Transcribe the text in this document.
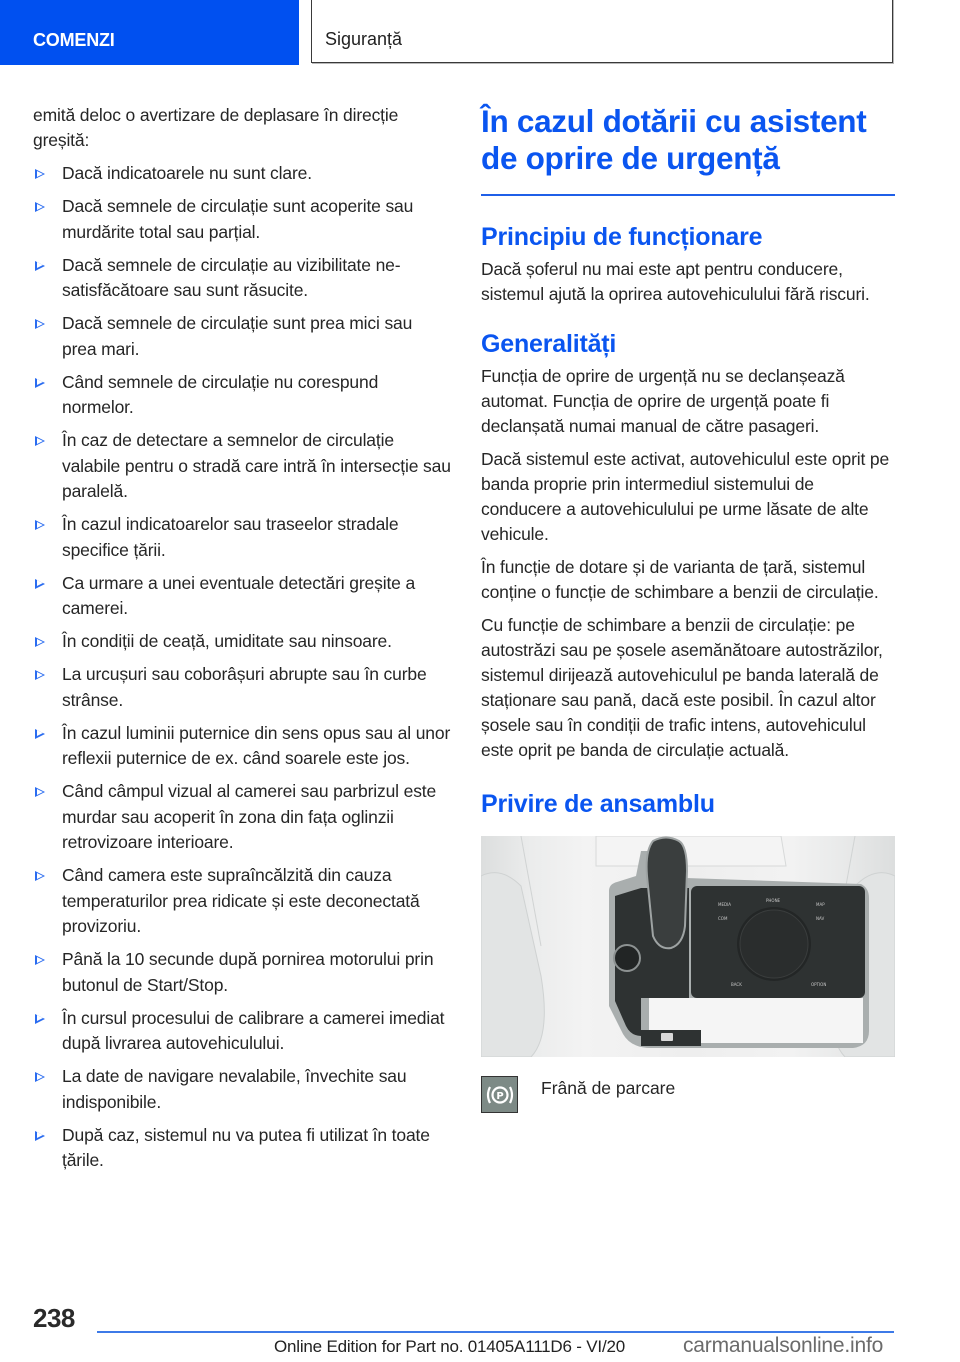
COMENZI	Siguranță

emită deloc o avertizare de deplasare în direcție greșită:

Dacă indicatoarele nu sunt clare.
Dacă semnele de circulație sunt acoperite sau murdărite total sau parțial.
Dacă semnele de circulație au vizibilitate nesatisfăcătoare sau sunt răsucite.
Dacă semnele de circulație sunt prea mici sau prea mari.
Când semnele de circulație nu corespund normelor.
În caz de detectare a semnelor de circulație valabile pentru o stradă care intră în intersecție sau paralelă.
În cazul indicatoarelor sau traseelor stradale specifice țării.
Ca urmare a unei eventuale detectări greșite a camerei.
În condiții de ceață, umiditate sau ninsoare.
La urcușuri sau coborâșuri abrupte sau în curbe strânse.
În cazul luminii puternice din sens opus sau al unor reflexii puternice de ex. când soarele este jos.
Când câmpul vizual al camerei sau parbrizul este murdar sau acoperit în zona din fața oglinzii retrovizoare interioare.
Când camera este supraîncălzită din cauza temperaturilor prea ridicate și este deconectată provizoriu.
Până la 10 secunde după pornirea motorului prin butonul de Start/Stop.
În cursul procesului de calibrare a camerei imediat după livrarea autovehiculului.
La date de navigare nevalabile, învechite sau indisponibile.
După caz, sistemul nu va putea fi utilizat în toate țările.
În cazul dotării cu asistent de oprire de urgență
Principiu de funcționare

Dacă șoferul nu mai este apt pentru conducere, sistemul ajută la oprirea autovehiculului fără riscuri.

Generalități

Funcția de oprire de urgență nu se declanșează automat. Funcția de oprire de urgență poate fi declanșată numai manual de către pasageri.

Dacă sistemul este activat, autovehiculul este oprit pe banda proprie prin intermediul sistemului de conducere a autovehiculului pe urme lăsate de alte vehicule.

În funcție de dotare și de varianta de țară, sistemul conține o funcție de schimbare a benzii de circulație.

Cu funcție de schimbare a benzii de circulație: pe autostrăzi sau pe șosele asemănătoare autostrăzilor, sistemul dirijează autovehiculul pe banda laterală de staționare sau pană, dacă este posibil. În cazul altor șosele sau în condiții de trafic intens, autovehiculul este oprit pe banda de circulație actuală.

Privire de ansamblu
MEDIA
PHONE
MAP
COM	NAV
BACK	OPTION
P Frână de parcare
238
Online Edition for Part no. 01405A111D6 - VI/20	carmanualsonline.info
